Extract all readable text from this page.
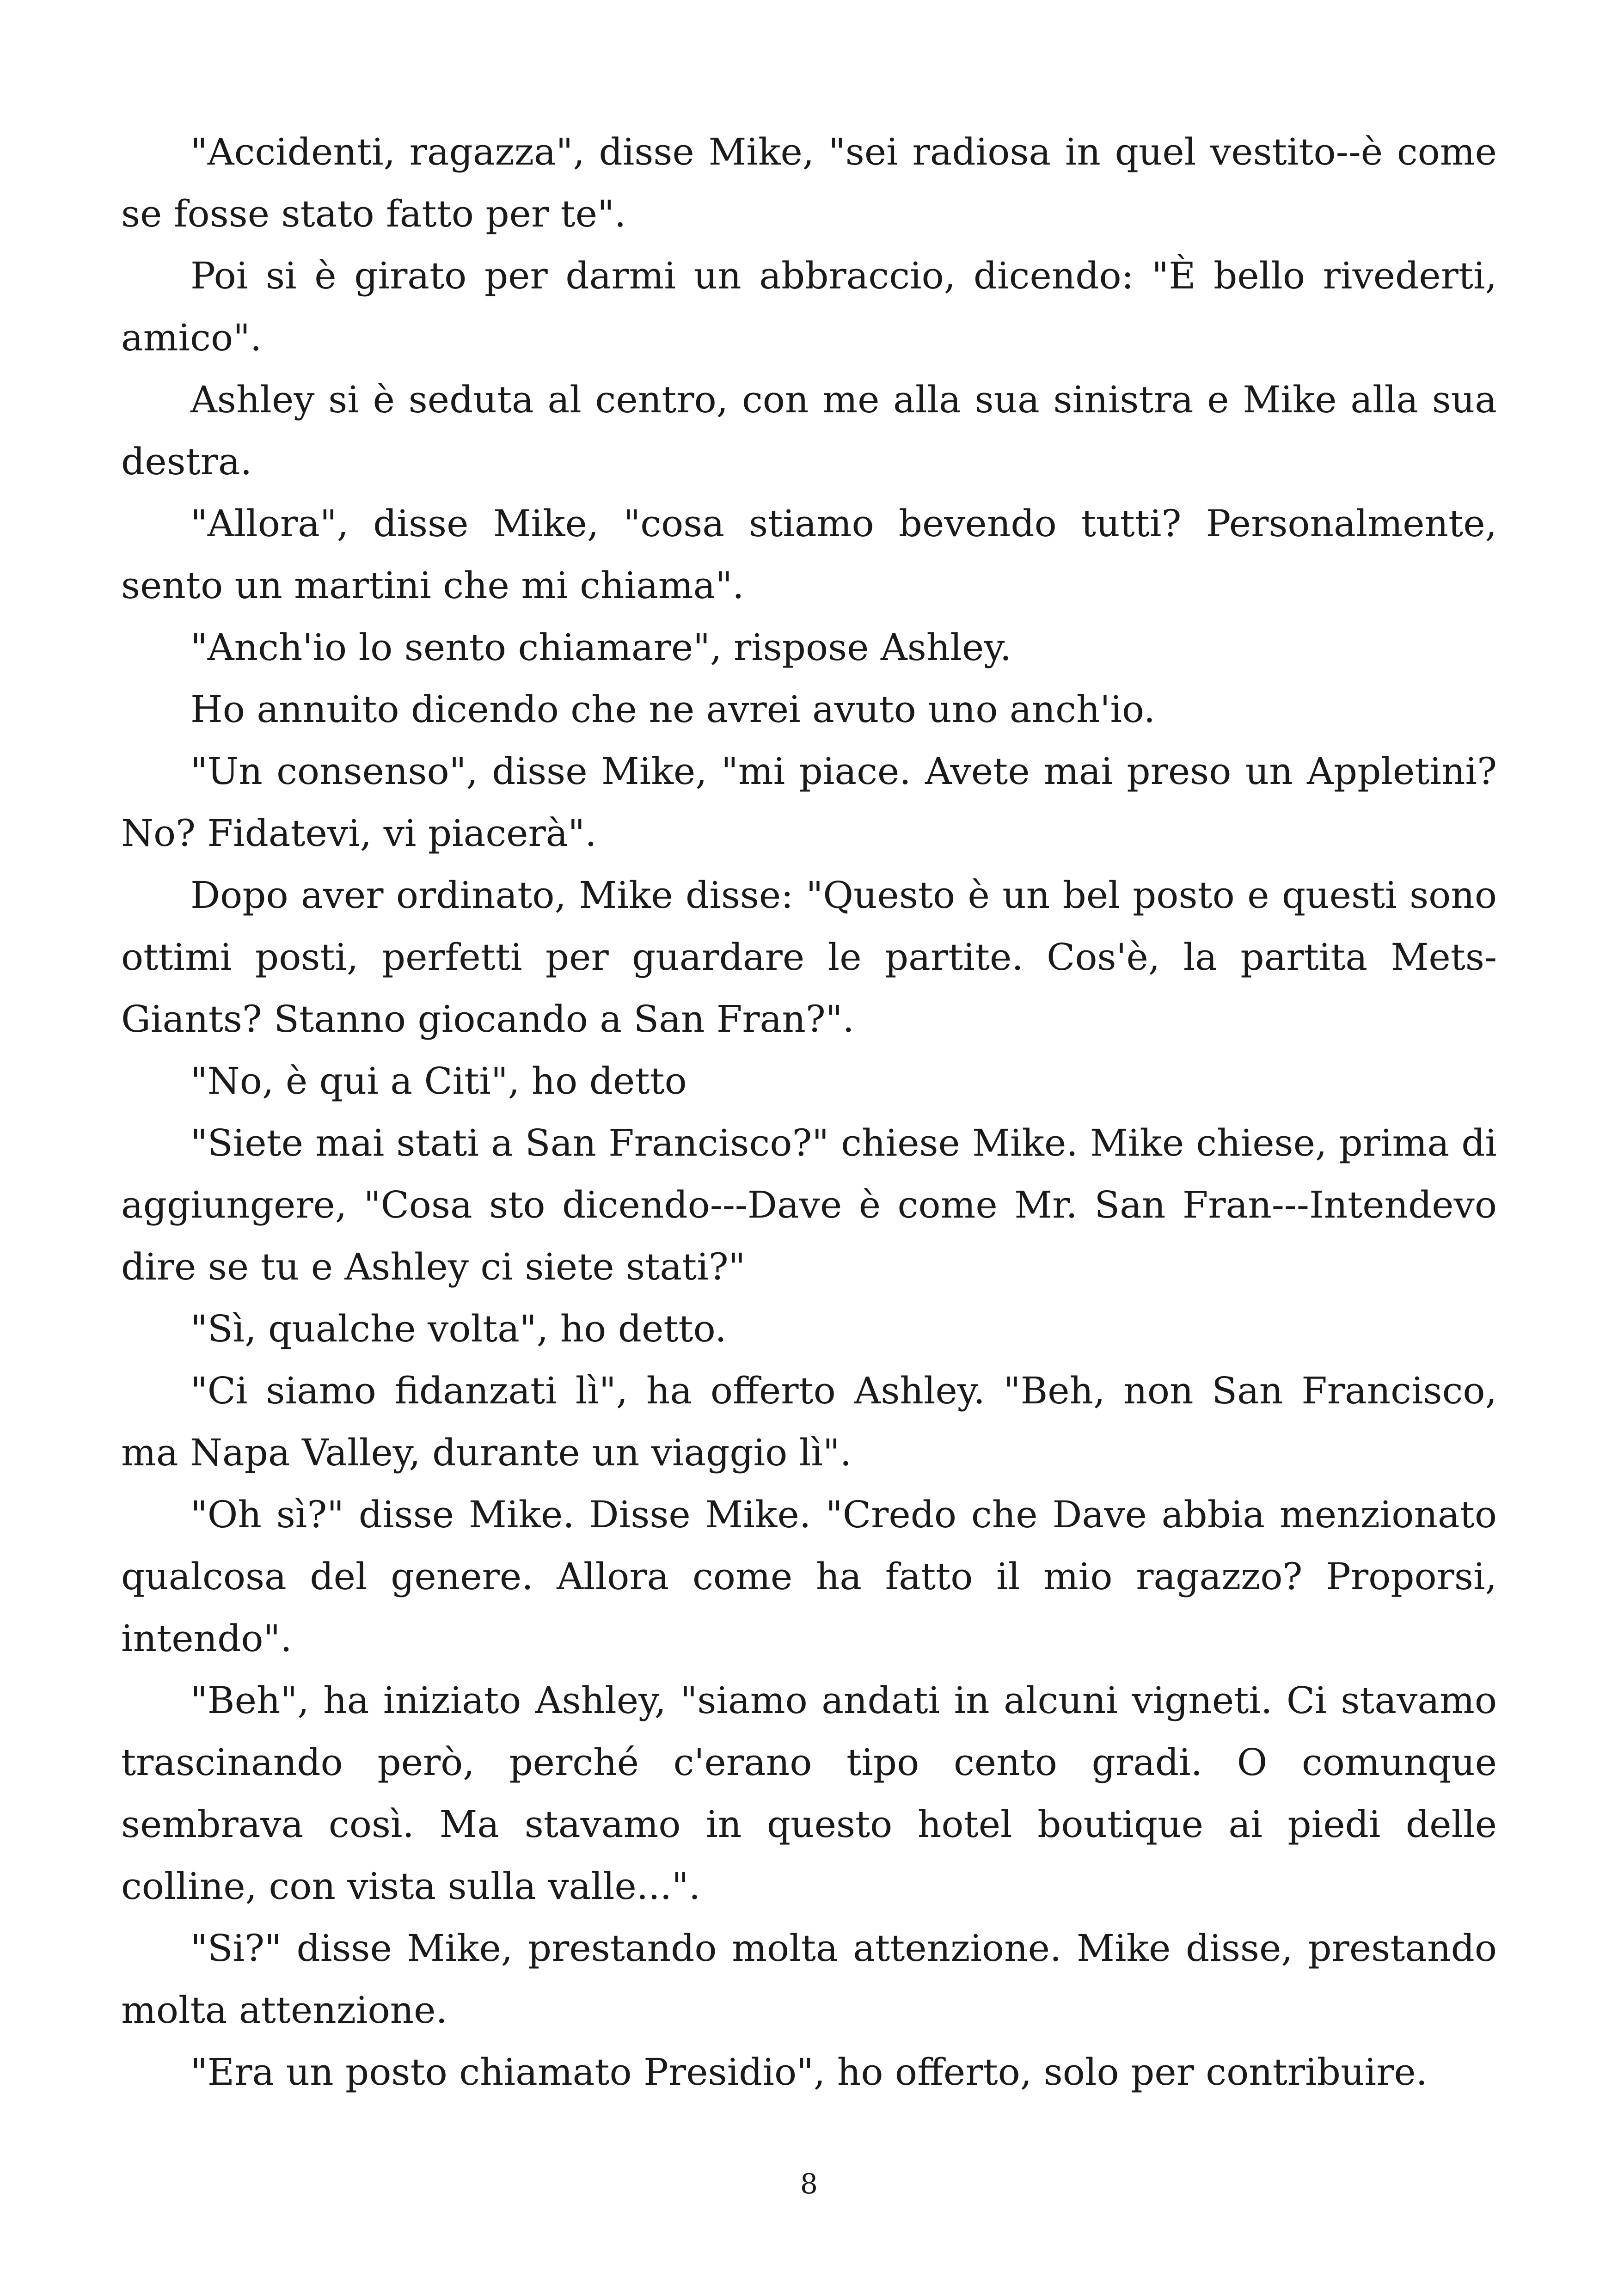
"Accidenti, ragazza", disse Mike, "sei radiosa in quel vestito--è come se fosse stato fatto per te".

Poi si è girato per darmi un abbraccio, dicendo: "È bello rivederti, amico".

Ashley si è seduta al centro, con me alla sua sinistra e Mike alla sua destra.

"Allora", disse Mike, "cosa stiamo bevendo tutti? Personalmente, sento un martini che mi chiama".

"Anch'io lo sento chiamare", rispose Ashley.

Ho annuito dicendo che ne avrei avuto uno anch'io.

"Un consenso", disse Mike, "mi piace. Avete mai preso un Appletini? No? Fidatevi, vi piacerà".

Dopo aver ordinato, Mike disse: "Questo è un bel posto e questi sono ottimi posti, perfetti per guardare le partite. Cos'è, la partita Mets-Giants? Stanno giocando a San Fran?".

"No, è qui a Citi", ho detto

"Siete mai stati a San Francisco?" chiese Mike. Mike chiese, prima di aggiungere, "Cosa sto dicendo---Dave è come Mr. San Fran---Intendevo dire se tu e Ashley ci siete stati?"

"Sì, qualche volta", ho detto.

"Ci siamo fidanzati lì", ha offerto Ashley. "Beh, non San Francisco, ma Napa Valley, durante un viaggio lì".

"Oh sì?" disse Mike. Disse Mike. "Credo che Dave abbia menzionato qualcosa del genere. Allora come ha fatto il mio ragazzo? Proporsi, intendo".

"Beh", ha iniziato Ashley, "siamo andati in alcuni vigneti. Ci stavamo trascinando però, perché c'erano tipo cento gradi. O comunque sembrava così. Ma stavamo in questo hotel boutique ai piedi delle colline, con vista sulla valle...".

"Si?" disse Mike, prestando molta attenzione. Mike disse, prestando molta attenzione.

"Era un posto chiamato Presidio", ho offerto, solo per contribuire.

8
